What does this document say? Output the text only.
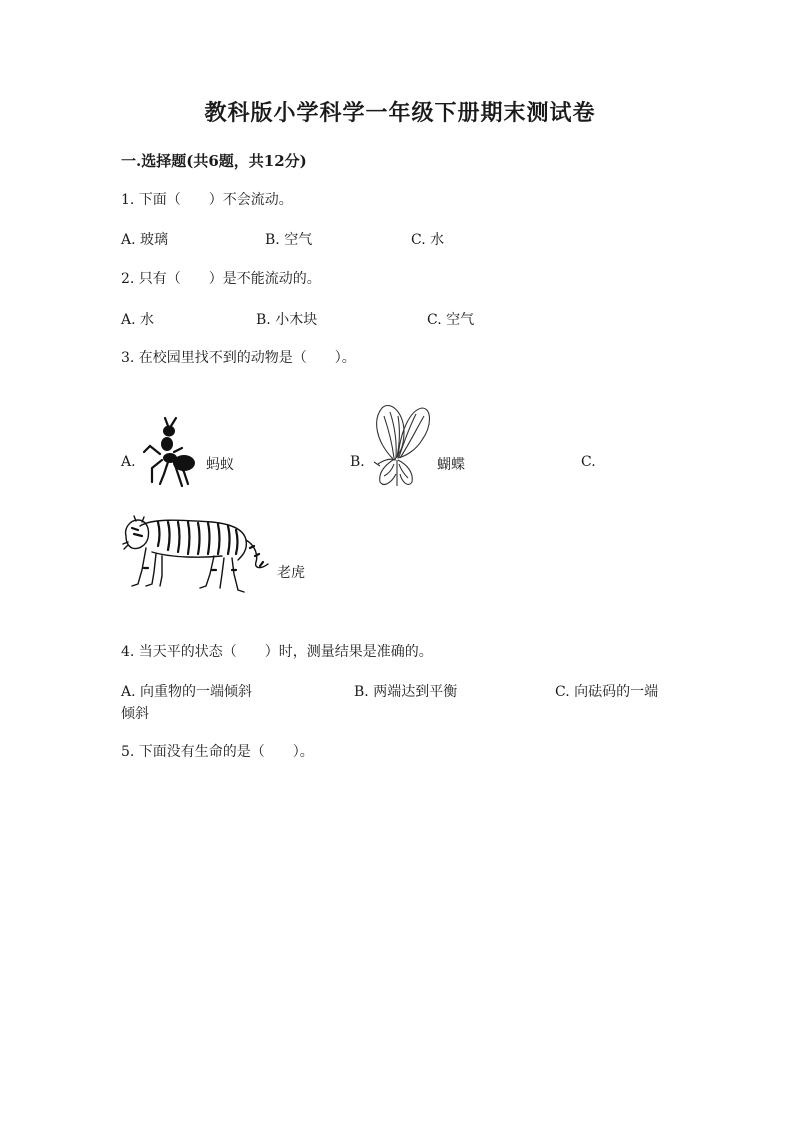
教科版小学科学一年级下册期末测试卷
一.选择题(共6题，共12分)
1. 下面（　　）不会流动。
A. 玻璃	B. 空气	C. 水
2. 只有（　　）是不能流动的。
A. 水	B. 小木块	C. 空气
3. 在校园里找不到的动物是（　　）。
A.	蚂蚁	B.	蝴蝶	C.
老虎
4. 当天平的状态（　　）时，测量结果是准确的。
A. 向重物的一端倾斜	B. 两端达到平衡	C. 向砝码的一端
倾斜
5. 下面没有生命的是（　　）。
